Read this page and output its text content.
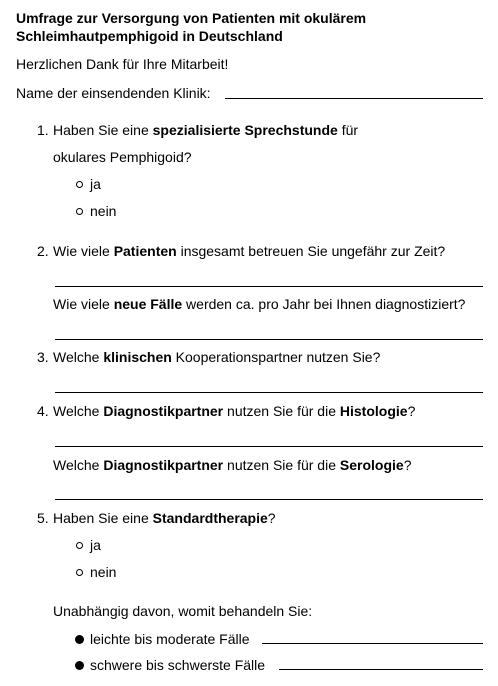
Umfrage zur Versorgung von Patienten mit okulärem
Schleimhautpemphigoid in Deutschland
Herzlichen Dank für Ihre Mitarbeit!
Name der einsendenden Klinik:
1. Haben Sie eine spezialisierte Sprechstunde für
okulares Pemphigoid?
ja
nein
2. Wie viele Patienten insgesamt betreuen Sie ungefähr zur Zeit?
Wie viele neue Fälle werden ca. pro Jahr bei Ihnen diagnostiziert?
3. Welche klinischen Kooperationspartner nutzen Sie?
4. Welche Diagnostikpartner nutzen Sie für die Histologie?
Welche Diagnostikpartner nutzen Sie für die Serologie?
5. Haben Sie eine Standardtherapie?
ja
nein
Unabhängig davon, womit behandeln Sie:
leichte bis moderate Fälle
schwere bis schwerste Fälle
